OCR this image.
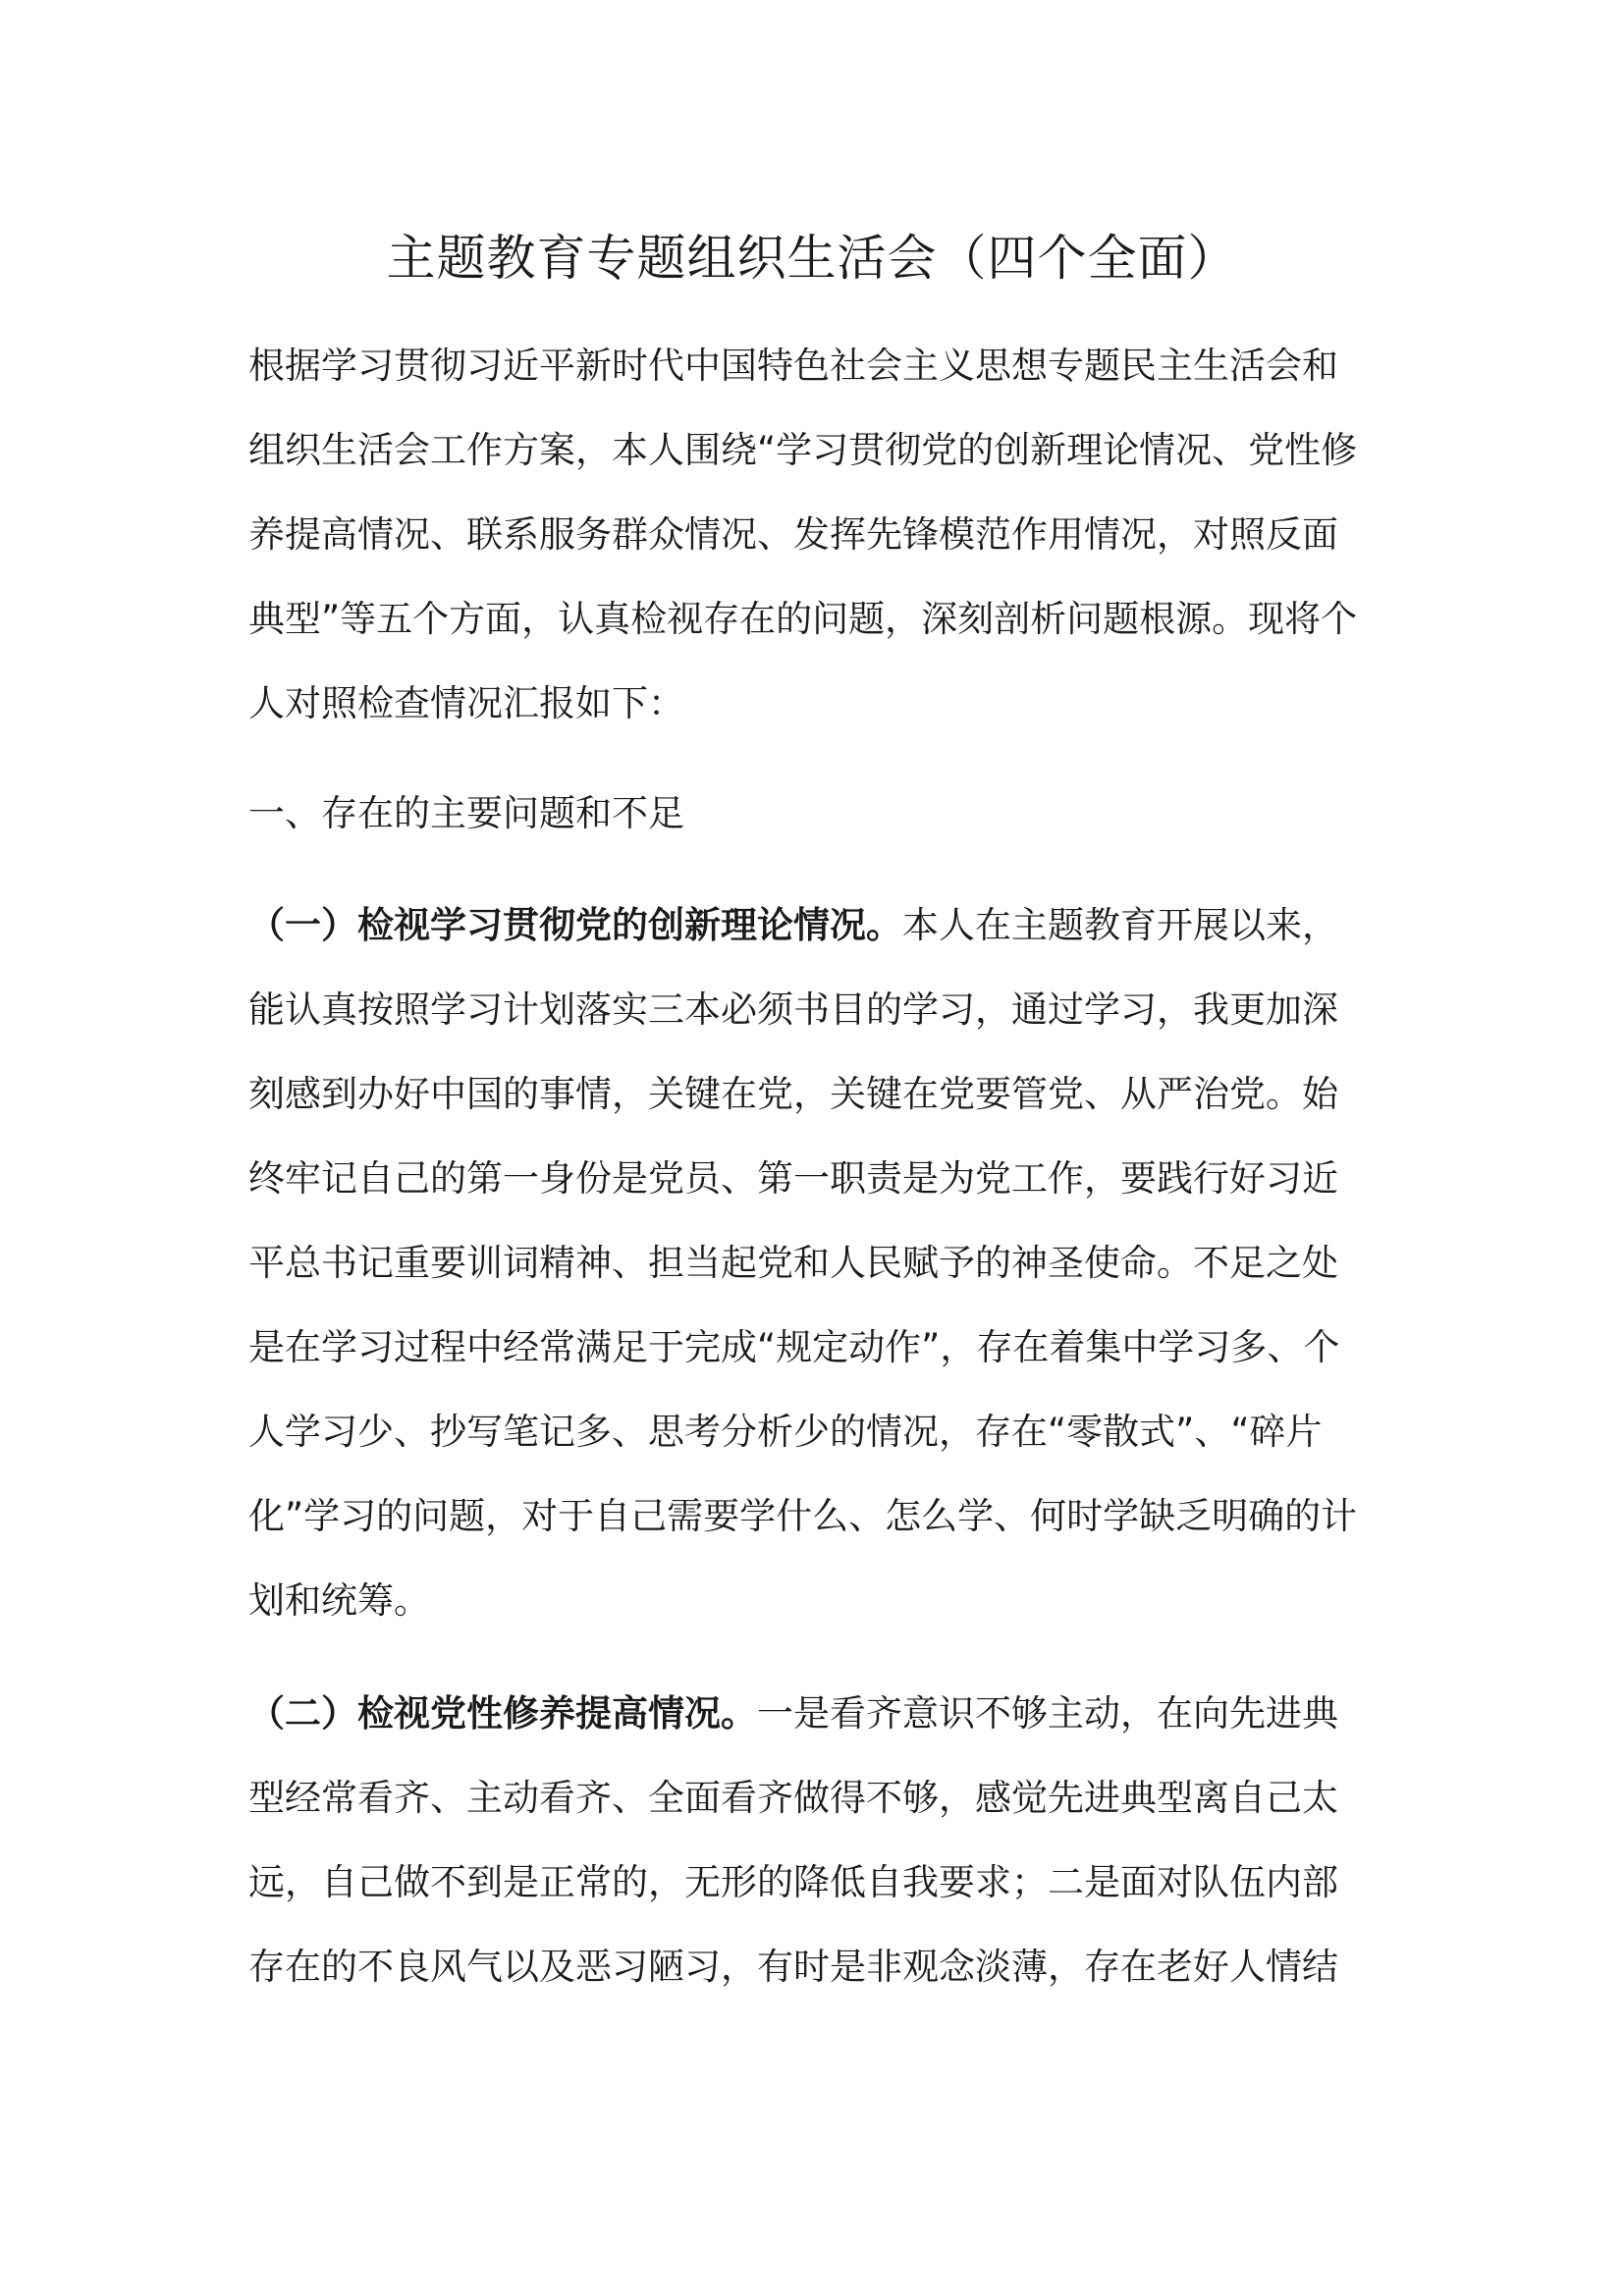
主题教育专题组织生活会（四个全面）

根据学习贯彻习近平新时代中国特色社会主义思想专题民主生活会和组织生活会工作方案，本人围绕“学习贯彻党的创新理论情况、党性修养提高情况、联系服务群众情况、发挥先锋模范作用情况，对照反面典型”等五个方面，认真检视存在的问题，深刻剖析问题根源。现将个人对照检查情况汇报如下：

一、存在的主要问题和不足

（一）检视学习贯彻党的创新理论情况。本人在主题教育开展以来，能认真按照学习计划落实三本必须书目的学习，通过学习，我更加深刻感到办好中国的事情，关键在党，关键在党要管党、从严治党。始终牢记自己的第一身份是党员、第一职责是为党工作，要践行好习近平总书记重要训词精神、担当起党和人民赋予的神圣使命。不足之处是在学习过程中经常满足于完成“规定动作”，存在着集中学习多、个人学习少、抄写笔记多、思考分析少的情况，存在“零散式”、“碎片化”学习的问题，对于自己需要学什么、怎么学、何时学缺乏明确的计划和统筹。

（二）检视党性修养提高情况。一是看齐意识不够主动，在向先进典型经常看齐、主动看齐、全面看齐做得不够，感觉先进典型离自己太远，自己做不到是正常的，无形的降低自我要求；二是面对队伍内部存在的不良风气以及恶习陋习，有时是非观念淡薄，存在老好人情结
